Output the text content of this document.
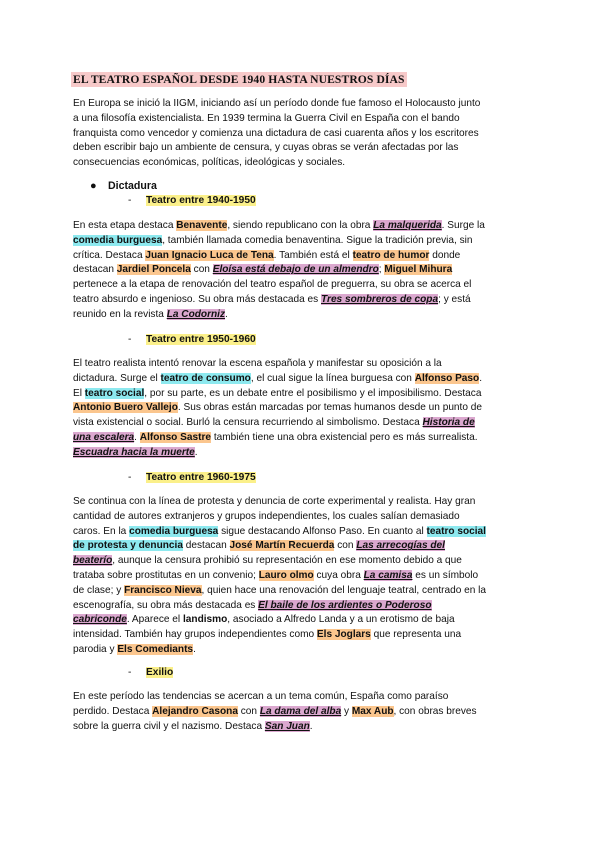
EL TEATRO ESPAÑOL DESDE 1940 HASTA NUESTROS DÍAS
En Europa se inició la IIGM, iniciando así un período donde fue famoso el Holocausto junto
a una filosofía existencialista. En 1939 termina la Guerra Civil en España con el bando
franquista como vencedor y comienza una dictadura de casi cuarenta años y los escritores
deben escribir bajo un ambiente de censura, y cuyas obras se verán afectadas por las
consecuencias económicas, políticas, ideológicas y sociales.
● Dictadura
- Teatro entre 1940-1950
En esta etapa destaca Benavente, siendo republicano con la obra La malquerida. Surge la
comedia burguesa, también llamada comedia benaventina. Sigue la tradición previa, sin
crítica. Destaca Juan Ignacio Luca de Tena. También está el teatro de humor donde
destacan Jardiel Poncela con Eloísa está debajo de un almendro; Miguel Mihura
pertenece a la etapa de renovación del teatro español de preguerra, su obra se acerca el
teatro absurdo e ingenioso. Su obra más destacada es Tres sombreros de copa; y está
reunido en la revista La Codorniz.
- Teatro entre 1950-1960
El teatro realista intentó renovar la escena española y manifestar su oposición a la
dictadura. Surge el teatro de consumo, el cual sigue la línea burguesa con Alfonso Paso.
El teatro social, por su parte, es un debate entre el posibilismo y el imposibilismo. Destaca
Antonio Buero Vallejo. Sus obras están marcadas por temas humanos desde un punto de
vista existencial o social. Burló la censura recurriendo al simbolismo. Destaca Historia de
una escalera. Alfonso Sastre también tiene una obra existencial pero es más surrealista.
Escuadra hacia la muerte.
- Teatro entre 1960-1975
Se continua con la línea de protesta y denuncia de corte experimental y realista. Hay gran
cantidad de autores extranjeros y grupos independientes, los cuales salían demasiado
caros. En la comedia burguesa sigue destacando Alfonso Paso. En cuanto al teatro social
de protesta y denuncia destacan José Martín Recuerda con Las arrecogías del
beaterío, aunque la censura prohibió su representación en ese momento debido a que
trataba sobre prostitutas en un convenio; Lauro olmo cuya obra La camisa es un símbolo
de clase; y Francisco Nieva, quien hace una renovación del lenguaje teatral, centrado en la
escenografía, su obra más destacada es El baile de los ardientes o Poderoso
cabriconde. Aparece el landismo, asociado a Alfredo Landa y a un erotismo de baja
intensidad. También hay grupos independientes como Els Joglars que representa una
parodia y Els Comediants.
- Exilio
En este período las tendencias se acercan a un tema común, España como paraíso
perdido. Destaca Alejandro Casona con La dama del alba y Max Aub, con obras breves
sobre la guerra civil y el nazismo. Destaca San Juan.
